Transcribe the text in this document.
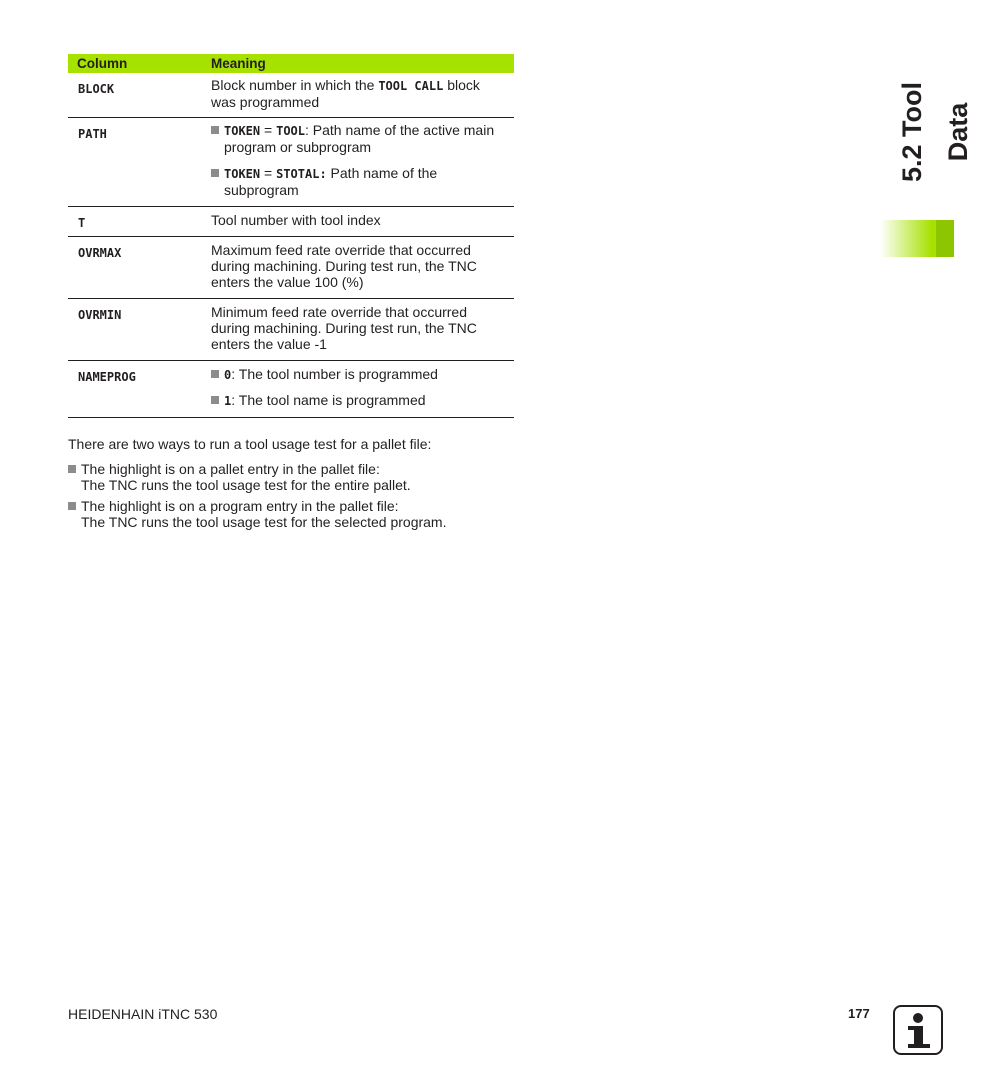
Column	Meaning

BLOCK	Block number in which the TOOL CALL block was programmed

PATH	TOKEN = TOOL: Path name of the active main program or subprogram
TOKEN = STOTAL: Path name of the subprogram

T	Tool number with tool index

OVRMAX	Maximum feed rate override that occurred during machining. During test run, the TNC enters the value 100 (%)

OVRMIN	Minimum feed rate override that occurred during machining. During test run, the TNC enters the value -1

NAMEPROG	0: The tool number is programmed
1: The tool name is programmed
There are two ways to run a tool usage test for a pallet file:
The highlight is on a pallet entry in the pallet file:
The TNC runs the tool usage test for the entire pallet.
The highlight is on a program entry in the pallet file:
The TNC runs the tool usage test for the selected program.
5.2 Tool Data
HEIDENHAIN iTNC 530	177
